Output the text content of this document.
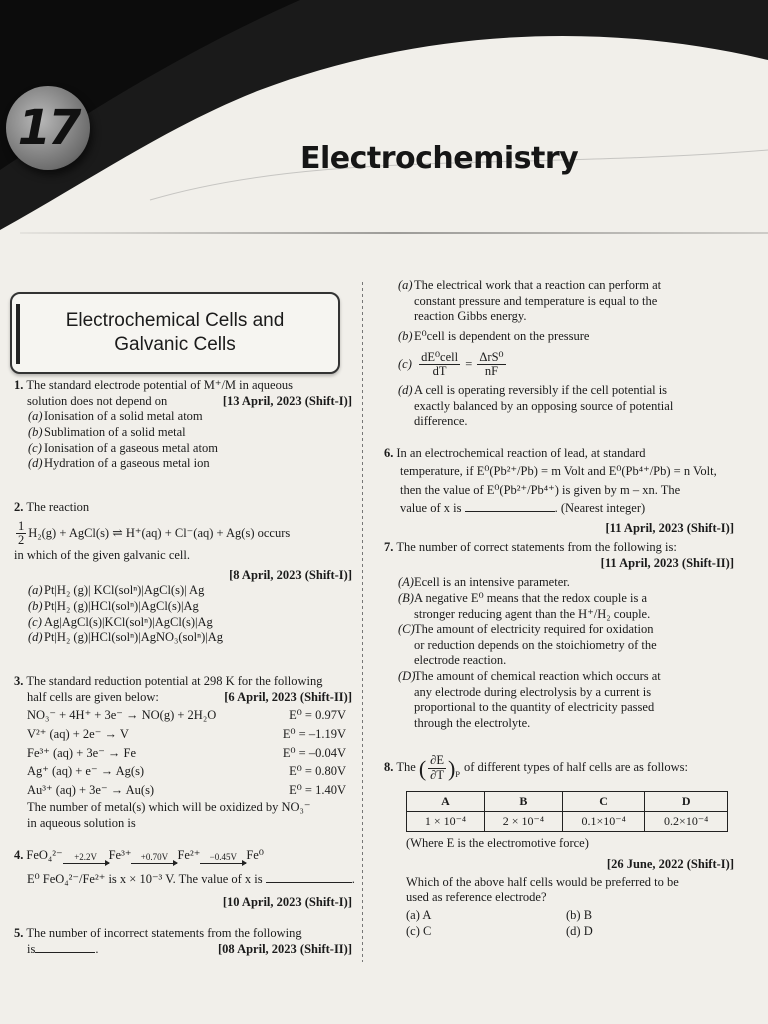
17
Electrochemistry
Electrochemical Cells and
Galvanic Cells
1. The standard electrode potential of M⁺/M in aqueous
solution does not depend on	[13 April, 2023 (Shift-I)]
(a)Ionisation of a solid metal atom
(b)Sublimation of a solid metal
(c) Ionisation of a gaseous metal atom
(d)Hydration of a gaseous metal ion
2. The reaction
$\frac{1}{2} H_2(g)$ + AgCl(s) ⇌ H⁺(aq) + Cl⁻(aq) + Ag(s) occurs
in which of the given galvanic cell.
[8 April, 2023 (Shift-I)]
(a)Pt|H₂ (g)| KCl(solⁿ)|AgCl(s)| Ag
(b)Pt|H₂ (g)|HCl(solⁿ)|AgCl(s)|Ag
(c) Ag|AgCl(s)|KCl(solⁿ)|AgCl(s)|Ag
(d)Pt|H₂ (g)|HCl(solⁿ)|AgNO₃(solⁿ)|Ag
3. The standard reduction potential at 298 K for the following
half cells are given below:	[6 April, 2023 (Shift-II)]
NO₃⁻ + 4H⁺ + 3e⁻ → NO(g) + 2H₂O	E⁰ = 0.97V
V²⁺ (aq) + 2e⁻ → V	E⁰ = –1.19V
Fe³⁺ (aq) + 3e⁻ → Fe	E⁰ = –0.04V
Ag⁺ (aq) + e⁻ → Ag(s)	E⁰ = 0.80V
Au³⁺ (aq) + 3e⁻ → Au(s)	E⁰ = 1.40V
The number of metal(s) which will be oxidized by NO₃⁻
in aqueous solution is
4. FeO₄²⁻	+2.2V Fe³⁺	+0.70V Fe²⁺	−0.45V Fe⁰
E⁰ FeO₄²⁻/Fe²⁺ is x × 10⁻³ V. The value of x is	.
[10 April, 2023 (Shift-I)]
5. The number of incorrect statements from the following
is	.	[08 April, 2023 (Shift-II)]
(a)The electrical work that a reaction can perform at
constant pressure and temperature is equal to the
reaction Gibbs energy.
(b)E⁰cell is dependent on the pressure
$(c) \frac{\text{dE⁰cell}}{dT} = \frac{\text{ΔrS⁰}}{nF}$
(d)A cell is operating reversibly if the cell potential is
exactly balanced by an opposing source of potential
difference.
6. In an electrochemical reaction of lead, at standard
temperature, if E⁰(Pb²⁺/Pb) = m Volt and E⁰(Pb⁴⁺/Pb) = n Volt,
then the value of E⁰(Pb²⁺/Pb⁴⁺) is given by m – xn. The
value of x is	. (Nearest integer)
[11 April, 2023 (Shift-I)]
7. The number of correct statements from the following is:
[11 April, 2023 (Shift-II)]
(A)Ecell is an intensive parameter.
(B)A negative E⁰ means that the redox couple is a
stronger reducing agent than the H⁺/H₂ couple.
(C)The amount of electricity required for oxidation
or reduction depends on the stoichiometry of the
electrode reaction.
(D)The amount of chemical reaction which occurs at
any electrode during electrolysis by a current is
proportional to the quantity of electricity passed
through the electrolyte.
8. The ( $\frac{\partial E}{\partial T}$ ) P of different types of half cells are as follows:
A	B	C	D
1 × 10⁻⁴	2 × 10⁻⁴	0.1×10⁻⁴	0.2×10⁻⁴
(Where E is the electromotive force)
[26 June, 2022 (Shift-I)]
Which of the above half cells would be preferred to be
used as reference electrode?
(a) A	(b) B
(c) C	(d) D
